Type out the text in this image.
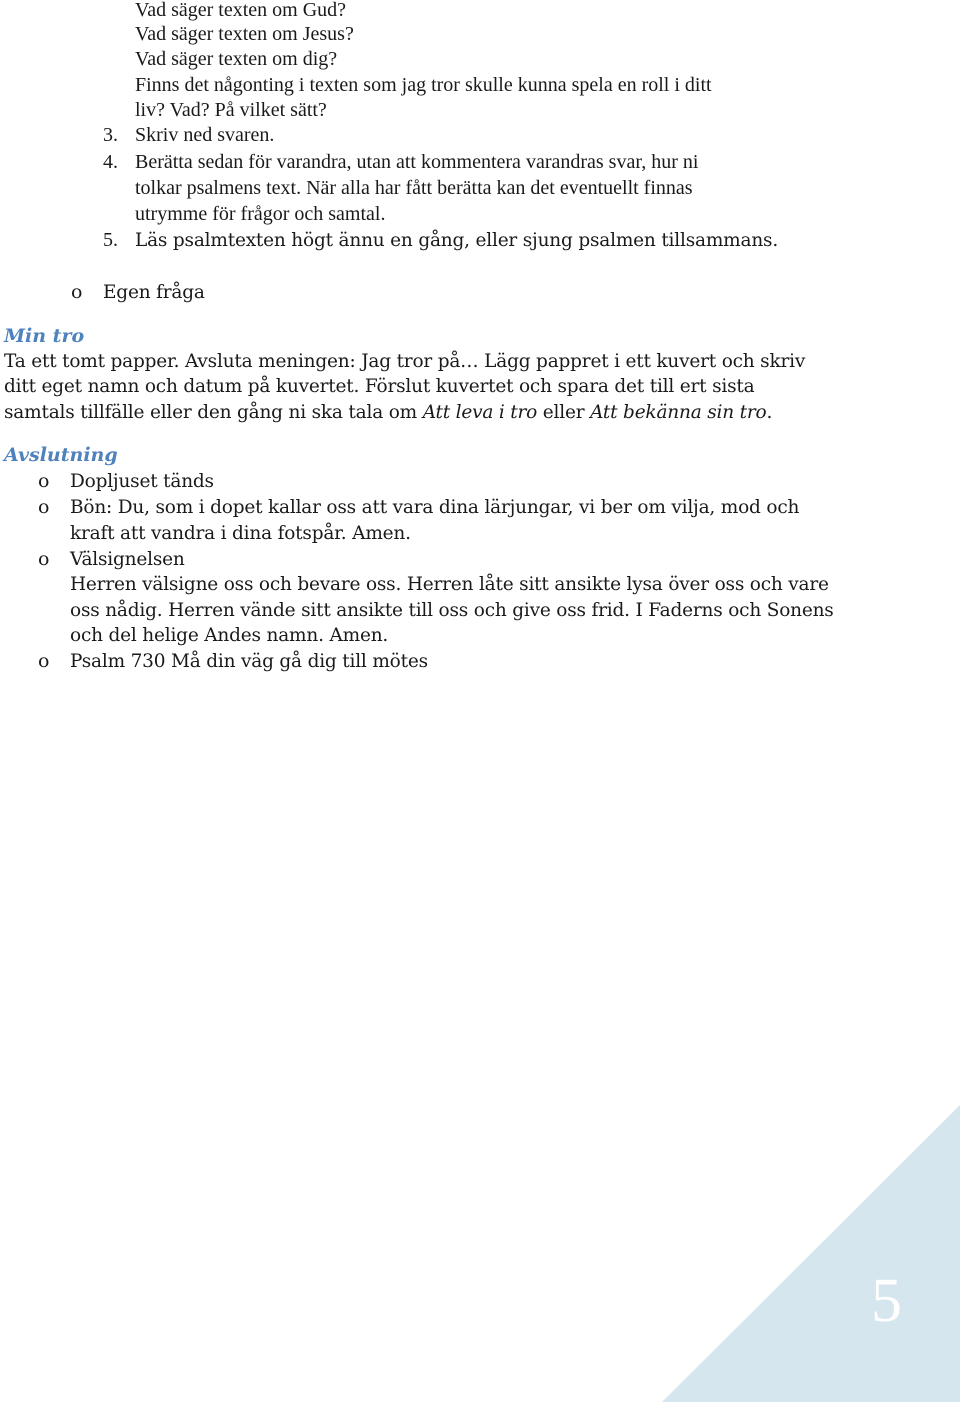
5
Vad säger texten om Gud?
Vad säger texten om Jesus?
Vad säger texten om dig?
Finns det någonting i texten som jag tror skulle kunna spela en roll i ditt
liv? Vad? På vilket sätt?
3. Skriv ned svaren.
4. Berätta sedan för varandra, utan att kommentera varandras svar, hur ni
tolkar psalmens text. När alla har fått berätta kan det eventuellt finnas
utrymme för frågor och samtal.
5. Läs psalmtexten högt ännu en gång, eller sjung psalmen tillsammans.
o Egen fråga
Min tro
Ta ett tomt papper. Avsluta meningen: Jag tror på… Lägg pappret i ett kuvert och skriv
ditt eget namn och datum på kuvertet. Förslut kuvertet och spara det till ert sista
samtals tillfälle eller den gång ni ska tala om Att leva i tro eller Att bekänna sin tro.
Avslutning
o Dopljuset tänds
o Bön: Du, som i dopet kallar oss att vara dina lärjungar, vi ber om vilja, mod och
kraft att vandra i dina fotspår. Amen.
o Välsignelsen
Herren välsigne oss och bevare oss. Herren låte sitt ansikte lysa över oss och vare
oss nådig. Herren vände sitt ansikte till oss och give oss frid. I Faderns och Sonens
och del helige Andes namn. Amen.
o Psalm 730 Må din väg gå dig till mötes
